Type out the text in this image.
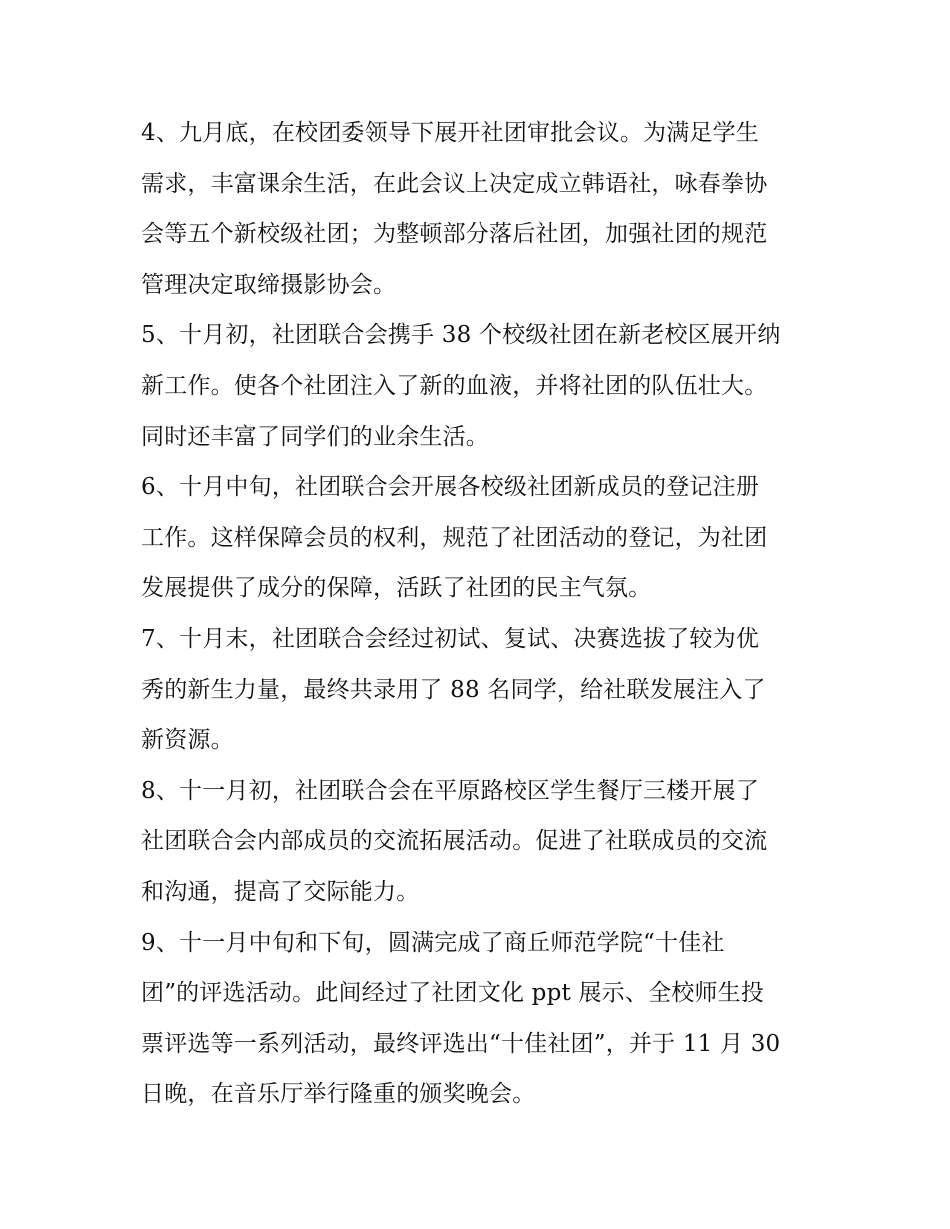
4、九月底，在校团委领导下展开社团审批会议。为满足学生
需求，丰富课余生活，在此会议上决定成立韩语社，咏春拳协
会等五个新校级社团；为整顿部分落后社团，加强社团的规范
管理决定取缔摄影协会。
5、十月初，社团联合会携手 38 个校级社团在新老校区展开纳
新工作。使各个社团注入了新的血液，并将社团的队伍壮大。
同时还丰富了同学们的业余生活。
6、十月中旬，社团联合会开展各校级社团新成员的登记注册
工作。这样保障会员的权利，规范了社团活动的登记，为社团
发展提供了成分的保障，活跃了社团的民主气氛。
7、十月末，社团联合会经过初试、复试、决赛选拔了较为优
秀的新生力量，最终共录用了 88 名同学，给社联发展注入了
新资源。
8、十一月初，社团联合会在平原路校区学生餐厅三楼开展了
社团联合会内部成员的交流拓展活动。促进了社联成员的交流
和沟通，提高了交际能力。
9、十一月中旬和下旬，圆满完成了商丘师范学院“十佳社
团”的评选活动。此间经过了社团文化 ppt 展示、全校师生投
票评选等一系列活动，最终评选出“十佳社团”，并于 11 月 30
日晚，在音乐厅举行隆重的颁奖晚会。
